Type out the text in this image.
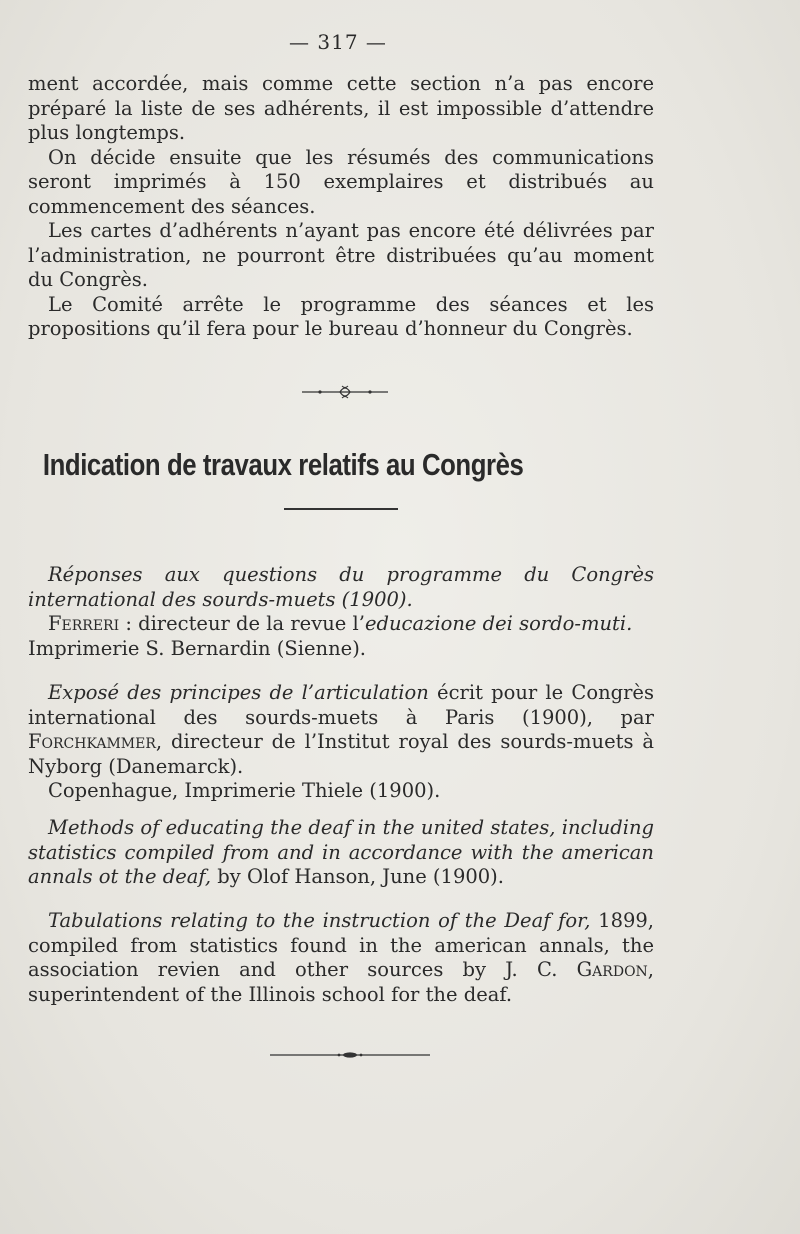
— 317 —

ment accordée, mais comme cette section n’a pas encore préparé la liste de ses adhérents, il est impossible d’attendre plus longtemps.

On décide ensuite que les résumés des communications seront imprimés à 150 exemplaires et distribués au commencement des séances.

Les cartes d’adhérents n’ayant pas encore été délivrées par l’administration, ne pourront être distribuées qu’au moment du Congrès.

Le Comité arrête le programme des séances et les propositions qu’il fera pour le bureau d’honneur du Congrès.

Indication de travaux relatifs au Congrès

Réponses aux questions du programme du Congrès international des sourds-muets (1900).

Ferreri : directeur de la revue l’educazione dei sordo-muti.

Imprimerie S. Bernardin (Sienne).

Exposé des principes de l’articulation écrit pour le Congrès international des sourds-muets à Paris (1900), par Forchkammer, directeur de l’Institut royal des sourds-muets à Nyborg (Danemarck).

Copenhague, Imprimerie Thiele (1900).

Methods of educating the deaf in the united states, including statistics compiled from and in accordance with the american annals ot the deaf, by Olof Hanson, June (1900).

Tabulations relating to the instruction of the Deaf for, 1899, compiled from statistics found in the american annals, the association revien and other sources by J. C. Gardon, superintendent of the Illinois school for the deaf.
